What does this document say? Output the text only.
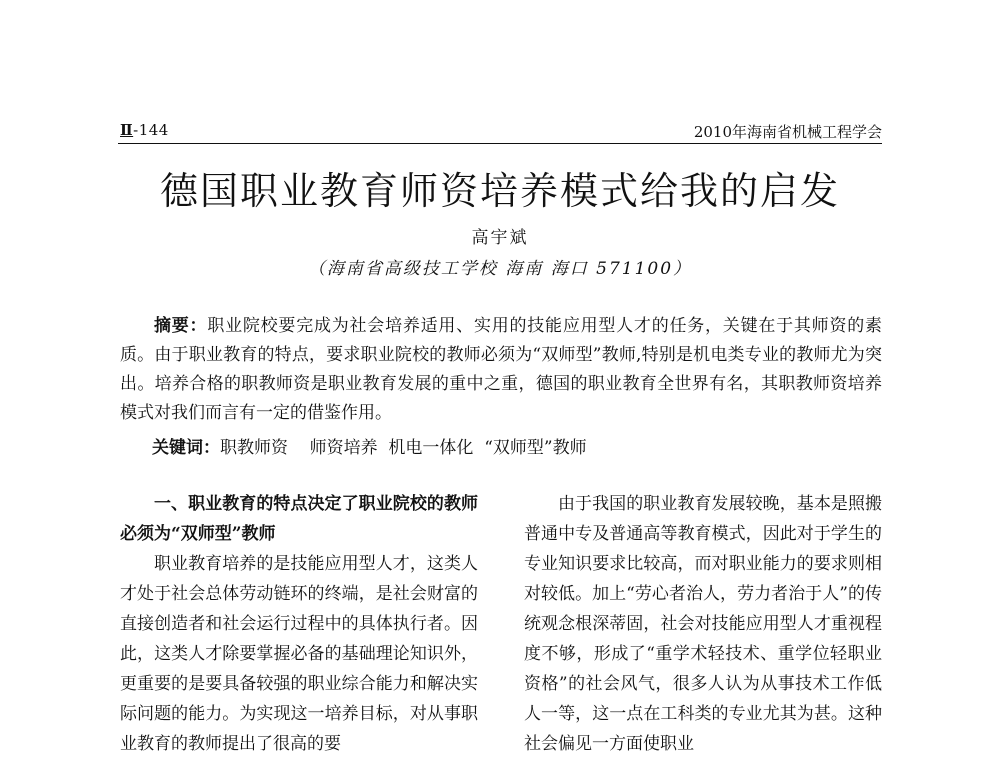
Ⅱ-144	2010年海南省机械工程学会
德国职业教育师资培养模式给我的启发
高宇斌
（海南省高级技工学校 海南 海口 571100）

摘要：职业院校要完成为社会培养适用、实用的技能应用型人才的任务，关键在于其师资的素质。由于职业教育的特点，要求职业院校的教师必须为“双师型”教师,特别是机电类专业的教师尤为突出。培养合格的职教师资是职业教育发展的重中之重，德国的职业教育全世界有名，其职教师资培养模式对我们而言有一定的借鉴作用。

关键词：职教师资    师资培养  机电一体化  “双师型”教师

一、职业教育的特点决定了职业院校的教师必须为“双师型”教师

职业教育培养的是技能应用型人才，这类人才处于社会总体劳动链环的终端，是社会财富的直接创造者和社会运行过程中的具体执行者。因此，这类人才除要掌握必备的基础理论知识外，更重要的是要具备较强的职业综合能力和解决实际问题的能力。为实现这一培养目标，对从事职业教育的教师提出了很高的要

由于我国的职业教育发展较晚，基本是照搬普通中专及普通高等教育模式，因此对于学生的专业知识要求比较高，而对职业能力的要求则相对较低。加上“劳心者治人，劳力者治于人”的传统观念根深蒂固，社会对技能应用型人才重视程度不够，形成了“重学术轻技术、重学位轻职业资格”的社会风气，很多人认为从事技术工作低人一等，这一点在工科类的专业尤其为甚。这种社会偏见一方面使职业
